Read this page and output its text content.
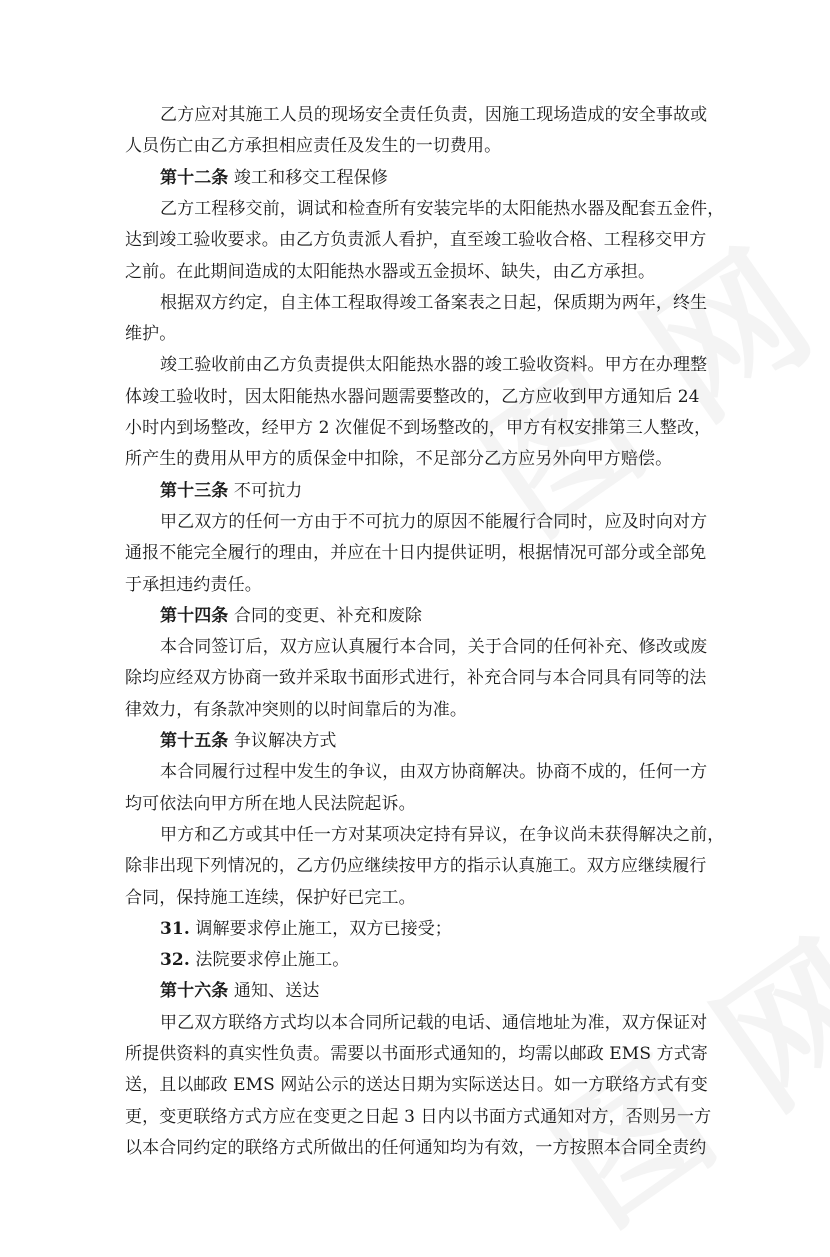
乙方应对其施工人员的现场安全责任负责，因施工现场造成的安全事故或

人员伤亡由乙方承担相应责任及发生的一切费用。

第十二条 竣工和移交工程保修

乙方工程移交前，调试和检查所有安装完毕的太阳能热水器及配套五金件，

达到竣工验收要求。由乙方负责派人看护，直至竣工验收合格、工程移交甲方

之前。在此期间造成的太阳能热水器或五金损坏、缺失，由乙方承担。

根据双方约定，自主体工程取得竣工备案表之日起，保质期为两年，终生

维护。

竣工验收前由乙方负责提供太阳能热水器的竣工验收资料。甲方在办理整

体竣工验收时，因太阳能热水器问题需要整改的，乙方应收到甲方通知后 24

小时内到场整改，经甲方 2 次催促不到场整改的，甲方有权安排第三人整改，

所产生的费用从甲方的质保金中扣除，不足部分乙方应另外向甲方赔偿。

第十三条 不可抗力

甲乙双方的任何一方由于不可抗力的原因不能履行合同时，应及时向对方

通报不能完全履行的理由，并应在十日内提供证明，根据情况可部分或全部免

于承担违约责任。

第十四条 合同的变更、补充和废除

本合同签订后，双方应认真履行本合同，关于合同的任何补充、修改或废

除均应经双方协商一致并采取书面形式进行，补充合同与本合同具有同等的法

律效力，有条款冲突则的以时间靠后的为准。

第十五条 争议解决方式

本合同履行过程中发生的争议，由双方协商解决。协商不成的，任何一方

均可依法向甲方所在地人民法院起诉。

甲方和乙方或其中任一方对某项决定持有异议，在争议尚未获得解决之前，

除非出现下列情况的，乙方仍应继续按甲方的指示认真施工。双方应继续履行

合同，保持施工连续，保护好已完工。

31. 调解要求停止施工，双方已接受；

32. 法院要求停止施工。

第十六条 通知、送达

甲乙双方联络方式均以本合同所记载的电话、通信地址为准，双方保证对

所提供资料的真实性负责。需要以书面形式通知的，均需以邮政 EMS 方式寄

送，且以邮政 EMS 网站公示的送达日期为实际送达日。如一方联络方式有变

更，变更联络方式方应在变更之日起 3 日内以书面方式通知对方，否则另一方

以本合同约定的联络方式所做出的任何通知均为有效，一方按照本合同全责约
